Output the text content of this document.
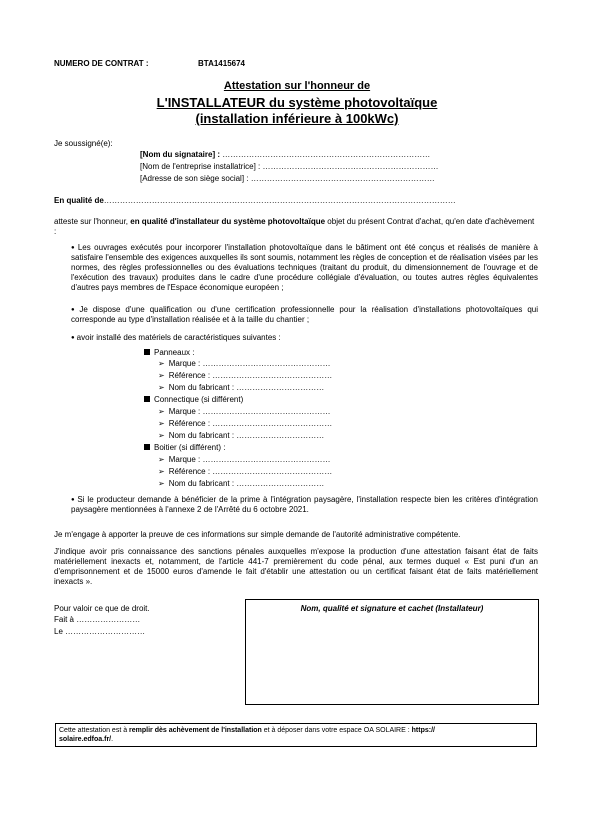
NUMERO DE CONTRAT :	BTA1415674
Attestation sur l'honneur de
L'INSTALLATEUR du système photovoltaïque
(installation inférieure à 100kWc)
Je soussigné(e):
[Nom du signataire] : ……………………………………………………………………
[Nom de l'entreprise installatrice] : …………………………………………………………
[Adresse de son siège social] : ……………………………………………………………
En qualité de……………………………………………………………………………………………………………………
atteste sur l'honneur, en qualité d'installateur du système photovoltaïque objet du présent Contrat d'achat, qu'en date d'achèvement :
● Les ouvrages exécutés pour incorporer l'installation photovoltaïque dans le bâtiment ont été conçus et réalisés de manière à satisfaire l'ensemble des exigences auxquelles ils sont soumis, notamment les règles de conception et de réalisation visées par les normes, des règles professionnelles ou des évaluations techniques (traitant du produit, du dimensionnement de l'ouvrage et de l'exécution des travaux) produites dans le cadre d'une procédure collégiale d'évaluation, ou toutes autres règles équivalentes d'autres pays membres de l'Espace économique européen ;
● Je dispose d'une qualification ou d'une certification professionnelle pour la réalisation d'installations photovoltaïques qui corresponde au type d'installation réalisée et à la taille du chantier ;
● avoir installé des matériels de caractéristiques suivantes :
Panneaux :
➢ Marque : …………………………………………
➢ Référence : ………………………………………
➢ Nom du fabricant : ……………………………
Connectique (si différent)
➢ Marque : …………………………………………
➢ Référence : ………………………………………
➢ Nom du fabricant : ……………………………
Boitier (si différent) :
➢ Marque : …………………………………………
➢ Référence : ………………………………………
➢ Nom du fabricant : ……………………………
● Si le producteur demande à bénéficier de la prime à l'intégration paysagère, l'installation respecte bien les critères d'intégration paysagère mentionnées à l'annexe 2 de l'Arrêté du 6 octobre 2021.
Je m'engage à apporter la preuve de ces informations sur simple demande de l'autorité administrative compétente.
J'indique avoir pris connaissance des sanctions pénales auxquelles m'expose la production d'une attestation faisant état de faits matériellement inexacts et, notamment, de l'article 441-7 premièrement du code pénal, aux termes duquel « Est puni d'un an d'emprisonnement et de 15000 euros d'amende le fait d'établir une attestation ou un certificat faisant état de faits matériellement inexacts ».
Pour valoir ce que de droit.
Fait à ……………………
Le …………………………
Nom, qualité et signature et cachet (Installateur)
Cette attestation est à remplir dès achèvement de l'installation et à déposer dans votre espace OA SOLAIRE : https://
solaire.edfoa.fr/.
